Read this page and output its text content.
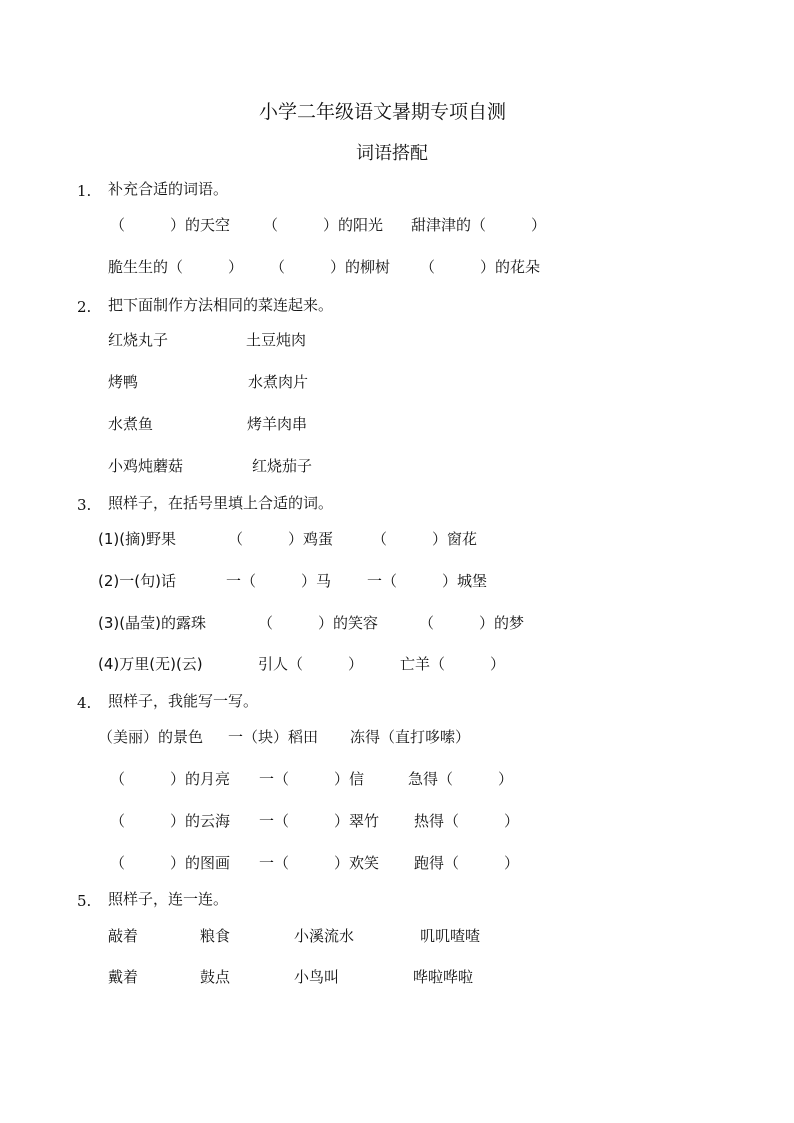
小学二年级语文暑期专项自测
词语搭配
1. 补充合适的词语。
（　　　）的天空 （　　　）的阳光 甜津津的（　　　）
脆生生的（　　　） （　　　）的柳树 （　　　）的花朵
2. 把下面制作方法相同的菜连起来。
红烧丸子	土豆炖肉
烤鸭	水煮肉片
水煮鱼	烤羊肉串
小鸡炖蘑菇	红烧茄子
3. 照样子，在括号里填上合适的词。
(1)(摘)野果	（　　　）鸡蛋	（　　　）窗花
(2)一(句)话	一（　　　）马 一（　　　）城堡
(3)(晶莹)的露珠	（　　　）的笑容	（　　　）的梦
(4)万里(无)(云)	引人（　　　） 亡羊（　　　）
4. 照样子，我能写一写。
（美丽）的景色 一（块）稻田 冻得（直打哆嗦）
（　　　）的月亮 一（　　　）信	急得（　　　）
（　　　）的云海 一（　　　）翠竹 热得（　　　）
（　　　）的图画 一（　　　）欢笑 跑得（　　　）
5. 照样子，连一连。
敲着	粮食	小溪流水	叽叽喳喳
戴着	鼓点	小鸟叫	哗啦哗啦
